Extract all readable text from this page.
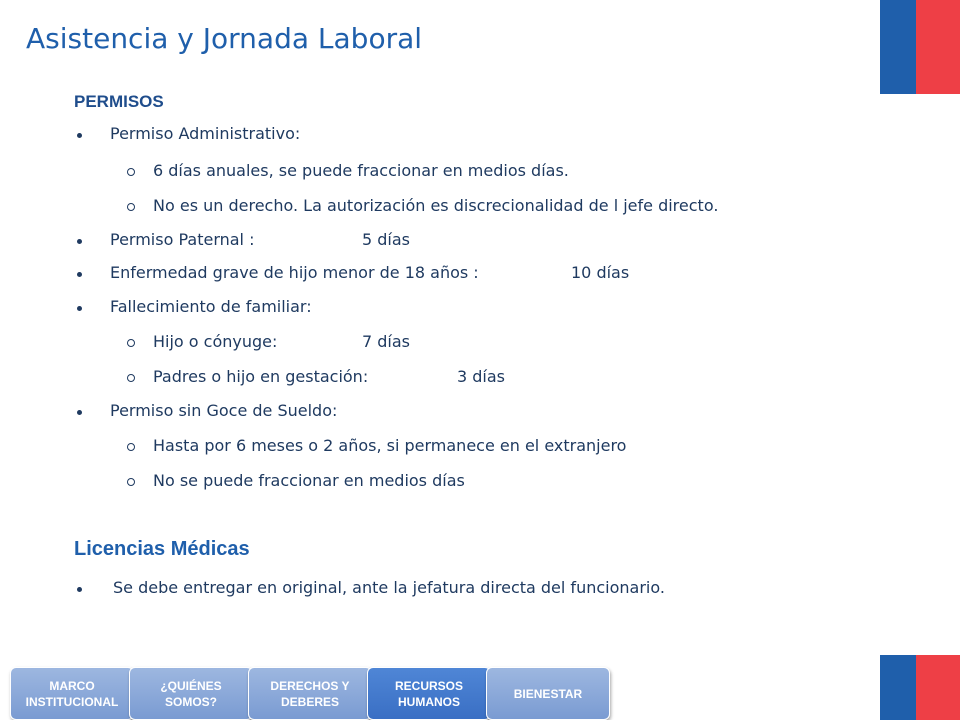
Asistencia y Jornada Laboral
PERMISOS
Permiso Administrativo:
6 días anuales, se puede fraccionar en medios días.
No es un derecho. La autorización es discrecionalidad de l jefe directo.
Permiso Paternal :	5 días
Enfermedad grave de hijo menor de 18 años :	10 días
Fallecimiento de familiar:
Hijo o cónyuge:	7 días
Padres o hijo en gestación:	3 días
Permiso sin Goce de Sueldo:
Hasta por 6 meses o 2 años, si permanece en el extranjero
No se puede fraccionar en medios días
Licencias Médicas
Se debe entregar en original, ante la jefatura directa del funcionario.
MARCO
INSTITUCIONAL
¿QUIÉNES
SOMOS?
DERECHOS Y
DEBERES
RECURSOS
HUMANOS
BIENESTAR
